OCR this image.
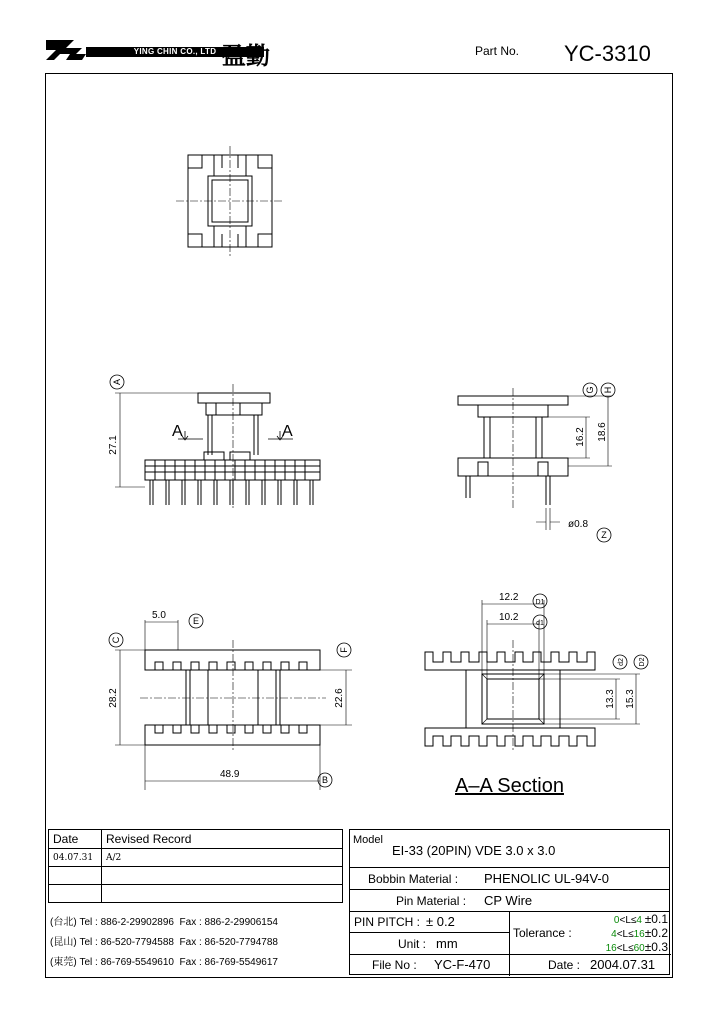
YING CHIN CO., LTD 盈勤	Part No. YC-3310
27.1	16.2 18.6
ø0.8
5.0
28.2	22.6
48.9
12.2
10.2
13.3 15.3
A	A
A
G H
Z
E
C
F
B
D1
d1
d2 D2
A–A Section
Date	Revised Record
04.07.31	A/2

(台北) Tel : 886-2-29902896 Fax : 886-2-29906154
(昆山) Tel : 86-520-7794588 Fax : 86-520-7794788
(東莞) Tel : 86-769-5549610 Fax : 86-769-5549617
Model
EI-33 (20PIN) VDE 3.0 x 3.0
Bobbin Material : PHENOLIC UL-94V-0
Pin Material : CP Wire
PIN PITCH : ± 0.2
Unit : mm
File No : YC-F-470
Tolerance :
0<L≤4 ±0.1
4<L≤16±0.2
16<L≤60±0.3
Date : 2004.07.31
